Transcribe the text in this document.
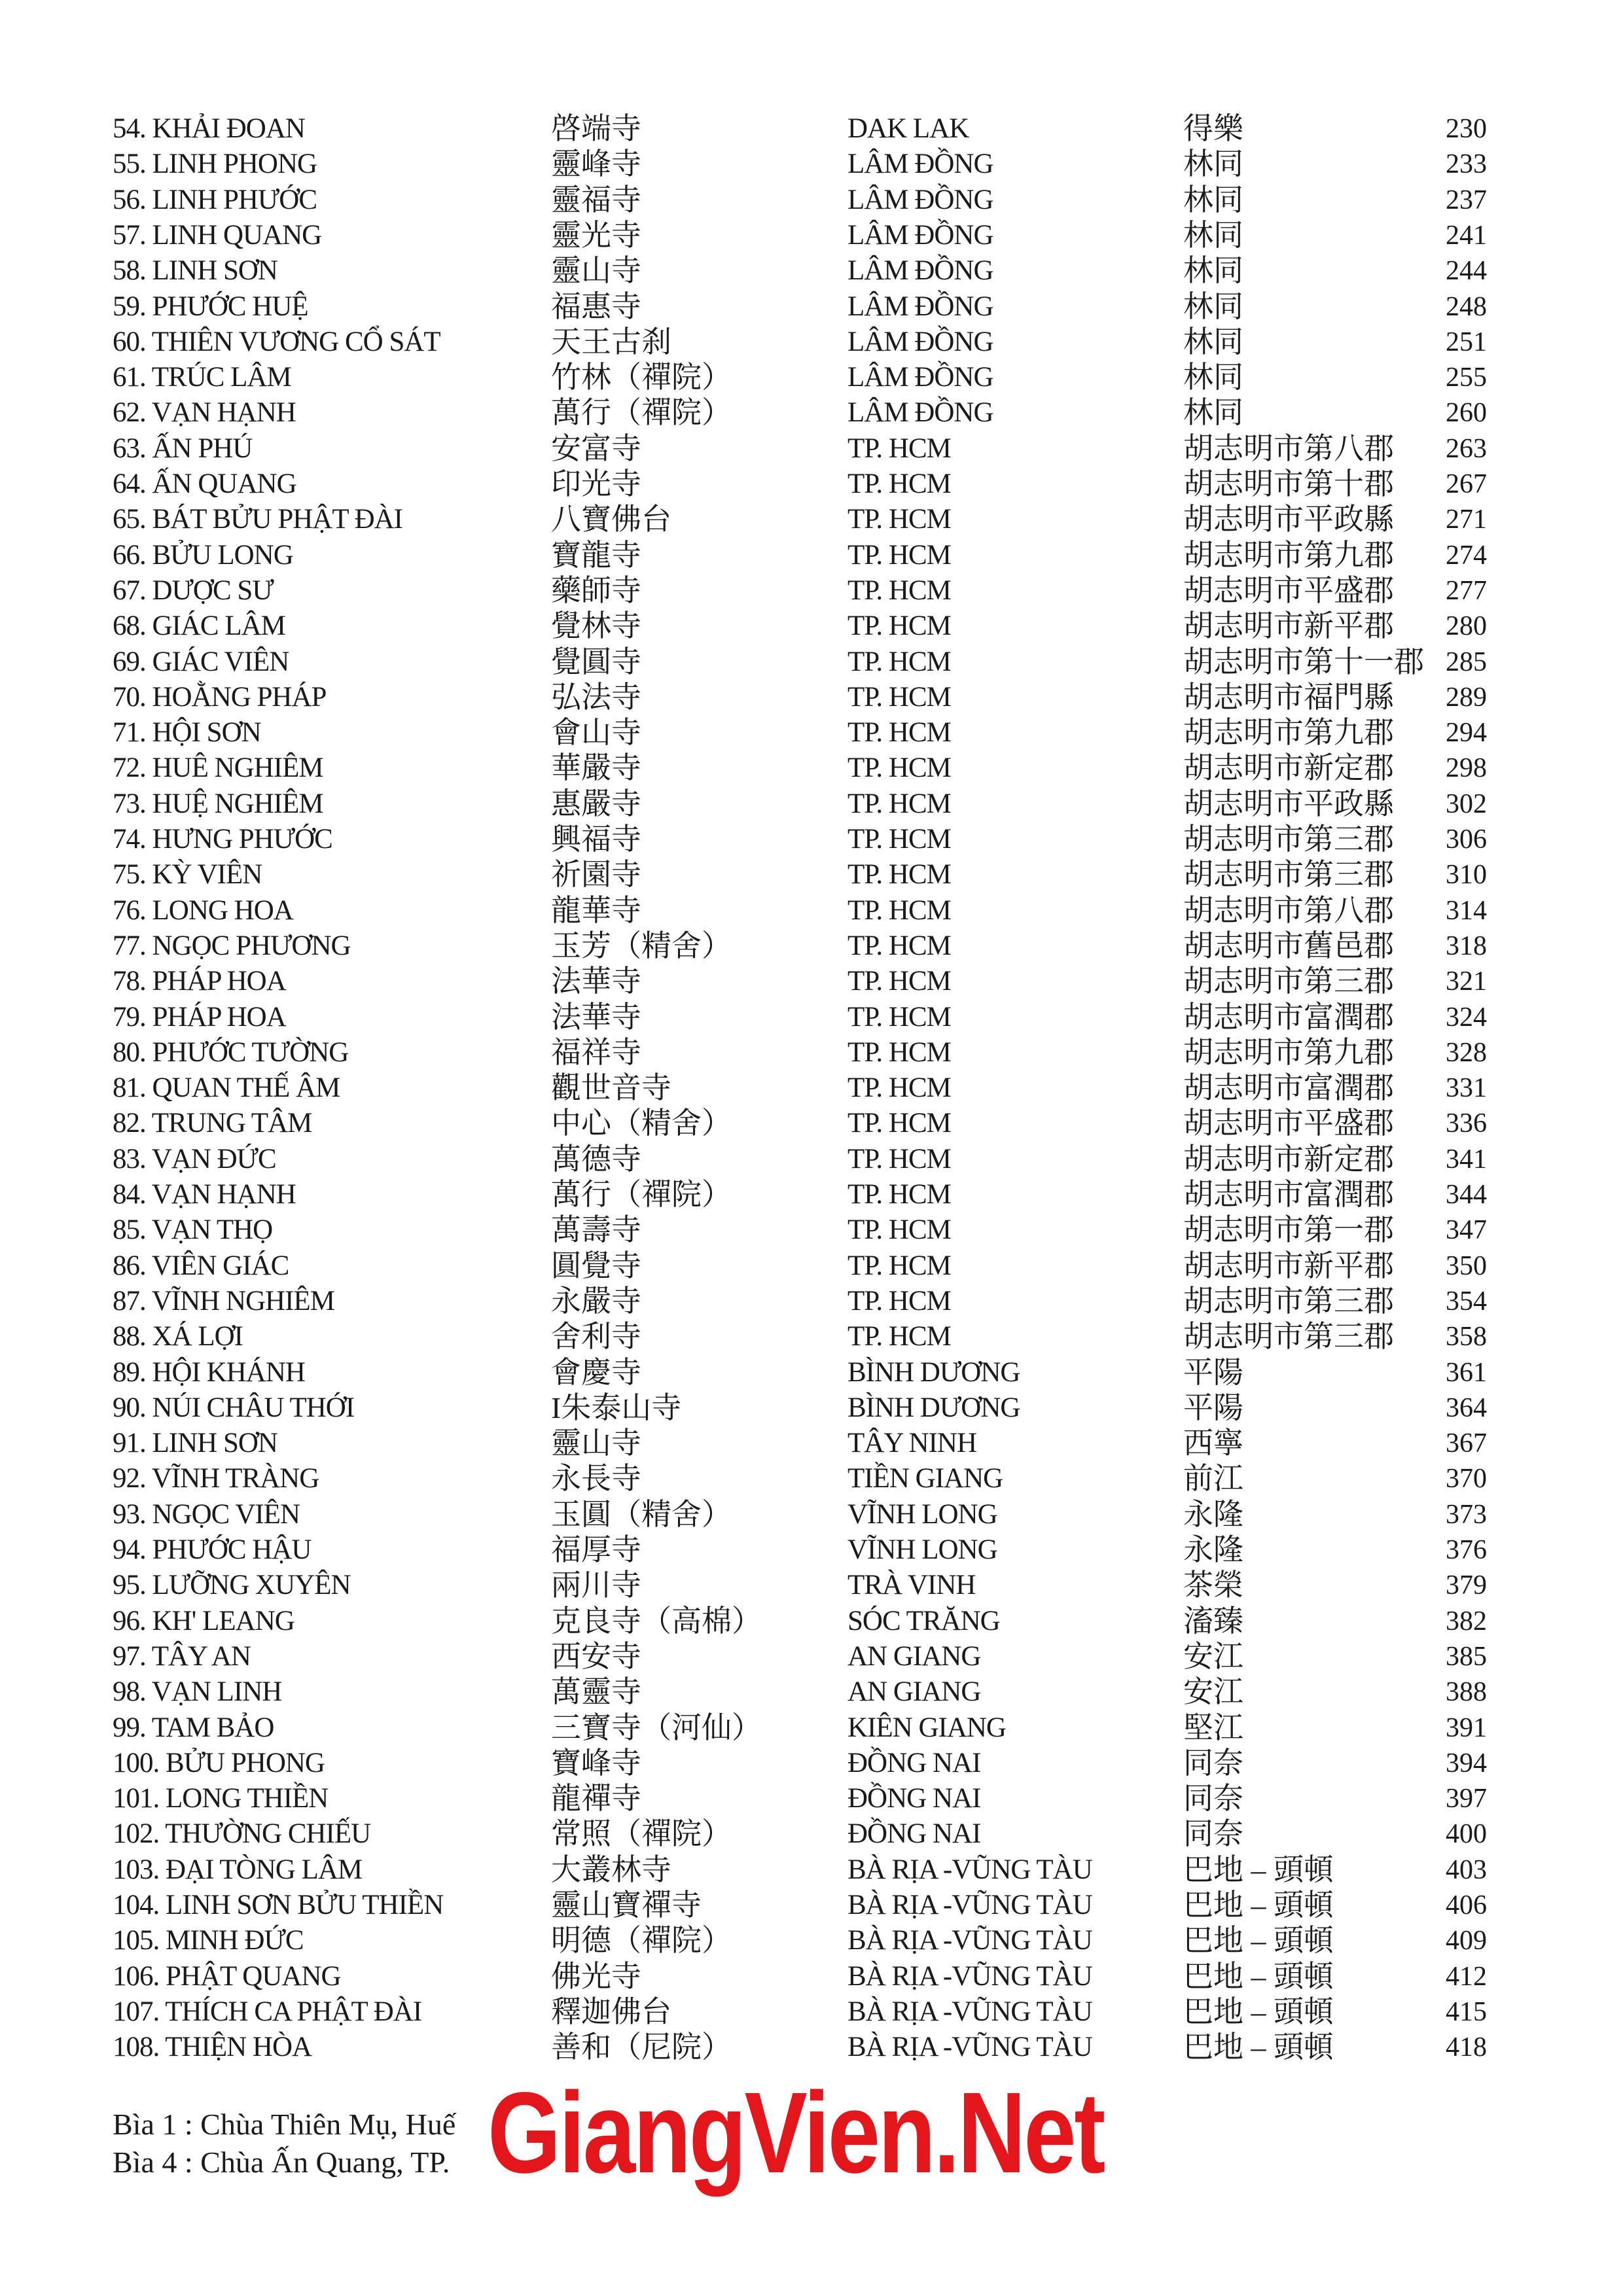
54. KHẢI ĐOAN	啓端寺	DAK LAK	得樂	230
55. LINH PHONG	靈峰寺	LÂM ĐỒNG	林同	233
56. LINH PHƯỚC	靈福寺	LÂM ĐỒNG	林同	237
57. LINH QUANG	靈光寺	LÂM ĐỒNG	林同	241
58. LINH SƠN	靈山寺	LÂM ĐỒNG	林同	244
59. PHƯỚC HUỆ	福惠寺	LÂM ĐỒNG	林同	248
60. THIÊN VƯƠNG CỔ SÁT	天王古刹	LÂM ĐỒNG	林同	251
61. TRÚC LÂM	竹林（禪院）	LÂM ĐỒNG	林同	255
62. VẠN HẠNH	萬行（禪院）	LÂM ĐỒNG	林同	260
63. ẤN PHÚ	安富寺	TP. HCM	胡志明市第八郡 263
64. ẤN QUANG	印光寺	TP. HCM	胡志明市第十郡 267
65. BÁT BỬU PHẬT ĐÀI	八寶佛台	TP. HCM	胡志明市平政縣 271
66. BỬU LONG	寶龍寺	TP. HCM	胡志明市第九郡 274
67. DƯỢC SƯ	藥師寺	TP. HCM	胡志明市平盛郡 277
68. GIÁC LÂM	覺林寺	TP. HCM	胡志明市新平郡 280
69. GIÁC VIÊN	覺圓寺	TP. HCM	胡志明市第十一郡 285
70. HOẰNG PHÁP	弘法寺	TP. HCM	胡志明市福門縣 289
71. HỘI SƠN	會山寺	TP. HCM	胡志明市第九郡 294
72. HUÊ NGHIÊM	華嚴寺	TP. HCM	胡志明市新定郡 298
73. HUỆ NGHIÊM	惠嚴寺	TP. HCM	胡志明市平政縣 302
74. HƯNG PHƯỚC	興福寺	TP. HCM	胡志明市第三郡 306
75. KỲ VIÊN	祈園寺	TP. HCM	胡志明市第三郡 310
76. LONG HOA	龍華寺	TP. HCM	胡志明市第八郡 314
77. NGỌC PHƯƠNG	玉芳（精舍）	TP. HCM	胡志明市舊邑郡 318
78. PHÁP HOA	法華寺	TP. HCM	胡志明市第三郡 321
79. PHÁP HOA	法華寺	TP. HCM	胡志明市富潤郡 324
80. PHƯỚC TƯỜNG	福祥寺	TP. HCM	胡志明市第九郡 328
81. QUAN THẾ ÂM	觀世音寺	TP. HCM	胡志明市富潤郡 331
82. TRUNG TÂM	中心（精舍）	TP. HCM	胡志明市平盛郡 336
83. VẠN ĐỨC	萬德寺	TP. HCM	胡志明市新定郡 341
84. VẠN HẠNH	萬行（禪院）	TP. HCM	胡志明市富潤郡 344
85. VẠN THỌ	萬壽寺	TP. HCM	胡志明市第一郡 347
86. VIÊN GIÁC	圓覺寺	TP. HCM	胡志明市新平郡 350
87. VĨNH NGHIÊM	永嚴寺	TP. HCM	胡志明市第三郡 354
88. XÁ LỢI	舍利寺	TP. HCM	胡志明市第三郡 358
89. HỘI KHÁNH	會慶寺	BÌNH DƯƠNG	平陽	361
90. NÚI CHÂU THỚI	I朱泰山寺	BÌNH DƯƠNG	平陽	364
91. LINH SƠN	靈山寺	TÂY NINH	西寧	367
92. VĨNH TRÀNG	永長寺	TIỀN GIANG	前江	370
93. NGỌC VIÊN	玉圓（精舍）	VĨNH LONG	永隆	373
94. PHƯỚC HẬU	福厚寺	VĨNH LONG	永隆	376
95. LƯỠNG XUYÊN	兩川寺	TRÀ VINH	茶榮	379
96. KH' LEANG	克良寺（高棉）	SÓC TRĂNG	滀臻	382
97. TÂY AN	西安寺	AN GIANG	安江	385
98. VẠN LINH	萬靈寺	AN GIANG	安江	388
99. TAM BẢO	三寶寺（河仙）	KIÊN GIANG	堅江	391
100. BỬU PHONG	寶峰寺	ĐỒNG NAI	同奈	394
101. LONG THIỀN	龍禪寺	ĐỒNG NAI	同奈	397
102. THƯỜNG CHIẾU	常照（禪院）	ĐỒNG NAI	同奈	400
103. ĐẠI TÒNG LÂM	大叢林寺	BÀ RỊA -VŨNG TÀU	巴地 – 頭頓	403
104. LINH SƠN BỬU THIỀN	靈山寶禪寺	BÀ RỊA -VŨNG TÀU	巴地 – 頭頓	406
105. MINH ĐỨC	明德（禪院）	BÀ RỊA -VŨNG TÀU	巴地 – 頭頓	409
106. PHẬT QUANG	佛光寺	BÀ RỊA -VŨNG TÀU	巴地 – 頭頓	412
107. THÍCH CA PHẬT ĐÀI	釋迦佛台	BÀ RỊA -VŨNG TÀU	巴地 – 頭頓	415
108. THIỆN HÒA	善和（尼院）	BÀ RỊA -VŨNG TÀU	巴地 – 頭頓	418
Bìa 1 : Chùa Thiên Mụ, Huế
Bìa 4 : Chùa Ấn Quang, TP. GiangVien.Net
